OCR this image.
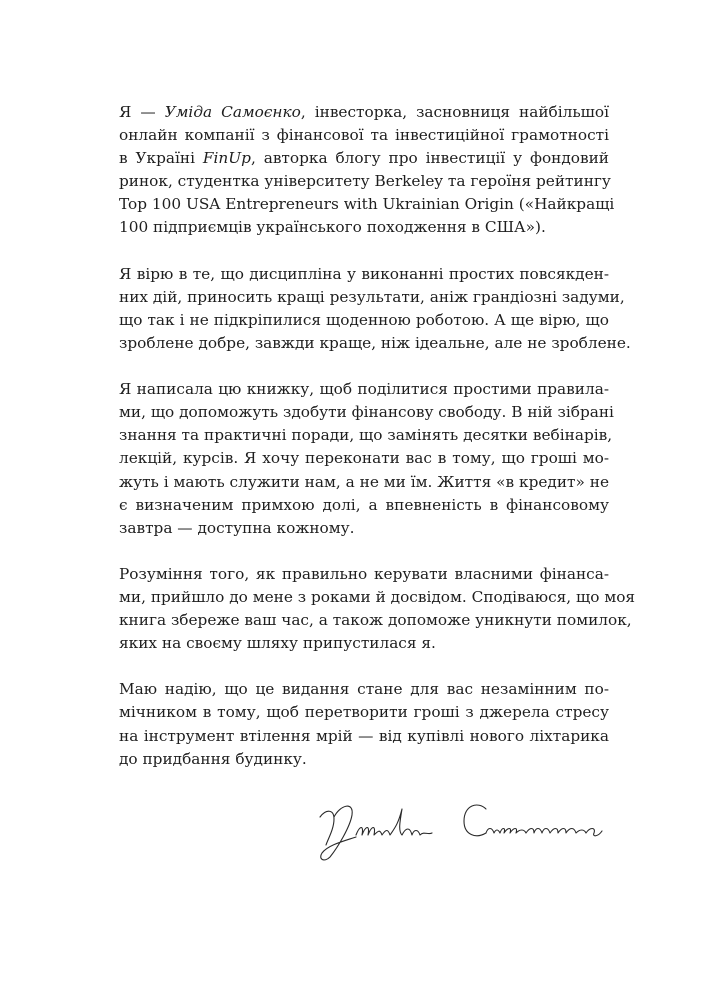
Я — Уміда Самоєнко, інвесторка, засновниця найбільшої
онлайн компанії з фінансової та інвестиційної грамотності
в Україні FinUp, авторка блогу про інвестиції у фондовий
ринок, студентка університету Berkeley та героїня рейтингу
Top 100 USA Entrepreneurs with Ukrainian Origin («Найкращі
100 підприємців українського походження в США»).

Я вірю в те, що дисципліна у виконанні простих повсякден-
них дій, приносить кращі результати, аніж грандіозні задуми,
що так і не підкріпилися щоденною роботою. А ще вірю, що
зроблене добре, завжди краще, ніж ідеальне, але не зроблене.

Я написала цю книжку, щоб поділитися простими правила-
ми, що допоможуть здобути фінансову свободу. В ній зібрані
знання та практичні поради, що замінять десятки вебінарів,
лекцій, курсів. Я хочу переконати вас в тому, що гроші мо-
жуть і мають служити нам, а не ми їм. Життя «в кредит» не
є визначеним примхою долі, а впевненість в фінансовому
завтра — доступна кожному.

Розуміння того, як правильно керувати власними фінанса-
ми, прийшло до мене з роками й досвідом. Сподіваюся, що моя
книга збереже ваш час, а також допоможе уникнути помилок,
яких на своєму шляху припустилася я.

Маю надію, що це видання стане для вас незамінним по-
мічником в тому, щоб перетворити гроші з джерела стресу
на інструмент втілення мрій — від купівлі нового ліхтарика
до придбання будинку.
